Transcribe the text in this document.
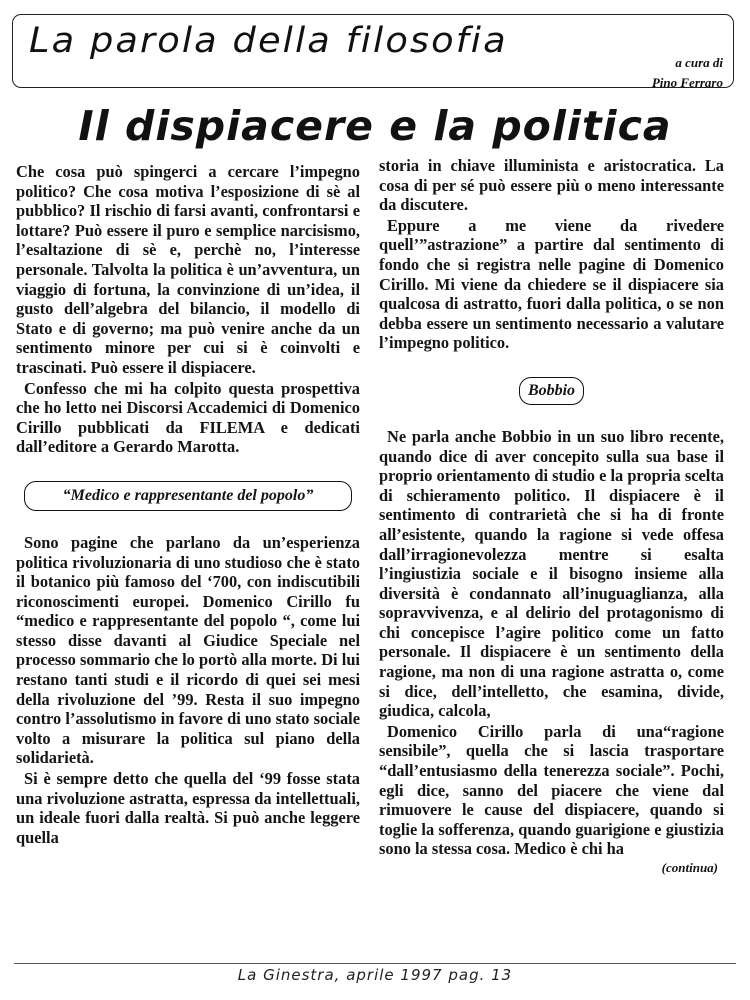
La parola della filosofia
a cura di
Pino Ferraro
Il dispiacere e la politica

Che cosa può spingerci a cercare l’impegno politico? Che cosa motiva l’esposizione di sè al pubblico? Il rischio di farsi avanti, confrontarsi e lottare? Può essere il puro e semplice narcisismo, l’esaltazione di sè e, perchè no, l’interesse personale. Talvolta la politica è un’avventura, un viaggio di fortuna, la convinzione di un’idea, il gusto dell’algebra del bilancio, il modello di Stato e di governo; ma può venire anche da un sentimento minore per cui si è coinvolti e trascinati. Può essere il dispiacere.

Confesso che mi ha colpito questa prospettiva che ho letto nei Discorsi Accademici di Domenico Cirillo pubblicati da FILEMA e dedicati dall’editore a Gerardo Marotta.

“Medico e rappresentante del popolo”

Sono pagine che parlano da un’esperienza politica rivoluzionaria di uno studioso che è stato il botanico più famoso del ‘700, con indiscutibili riconoscimenti europei. Domenico Cirillo fu “medico e rappresentante del popolo “, come lui stesso disse davanti al Giudice Speciale nel processo sommario che lo portò alla morte. Di lui restano tanti studi e il ricordo di quei sei mesi della rivoluzione del ’99. Resta il suo impegno contro l’assolutismo in favore di uno stato sociale volto a misurare la politica sul piano della solidarietà.

Si è sempre detto che quella del ‘99 fosse stata una rivoluzione astratta, espressa da intellettuali, un ideale fuori dalla realtà. Si può anche leggere quella

storia in chiave illuminista e aristocratica. La cosa di per sé può essere più o meno interessante da discutere.

Eppure a me viene da rivedere quell’”astrazione” a partire dal sentimento di fondo che si registra nelle pagine di Domenico Cirillo. Mi viene da chiedere se il dispiacere sia qualcosa di astratto, fuori dalla politica, o se non debba essere un sentimento necessario a valutare l’impegno politico.

Bobbio

Ne parla anche Bobbio in un suo libro recente, quando dice di aver concepito sulla sua base il proprio orientamento di studio e la propria scelta di schieramento politico. Il dispiacere è il sentimento di contrarietà che si ha di fronte all’esistente, quando la ragione si vede offesa dall’irragionevolezza mentre si esalta l’ingiustizia sociale e il bisogno insieme alla diversità è condannato all’inuguaglianza, alla sopravvivenza, e al delirio del protagonismo di chi concepisce l’agire politico come un fatto personale. Il dispiacere è un sentimento della ragione, ma non di una ragione astratta o, come si dice, dell’intelletto, che esamina, divide, giudica, calcola,

Domenico Cirillo parla di una“ragione sensibile”, quella che si lascia trasportare “dall’entusiasmo della tenerezza sociale”. Pochi, egli dice, sanno del piacere che viene dal rimuovere le cause del dispiacere, quando si toglie la sofferenza, quando guarigione e giustizia sono la stessa cosa. Medico è chi ha

(continua)
La Ginestra, aprile 1997 pag. 13
